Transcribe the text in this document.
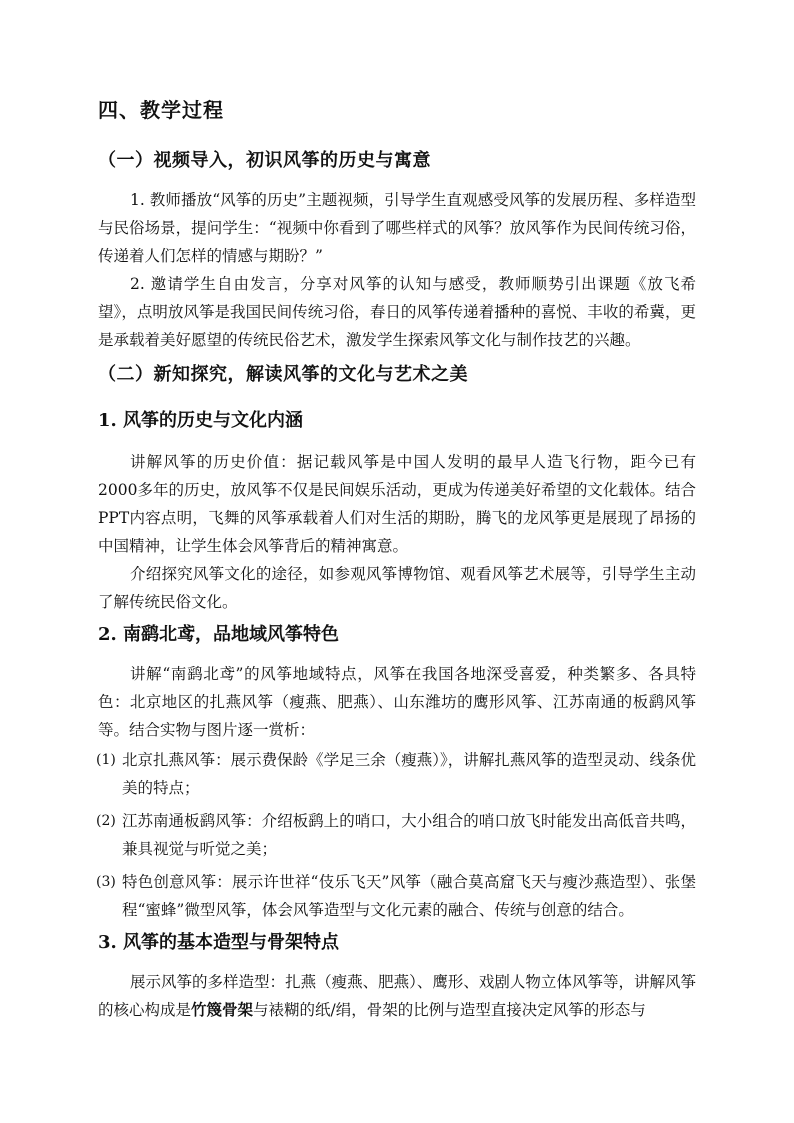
四、教学过程
（一）视频导入，初识风筝的历史与寓意
1. 教师播放“风筝的历史”主题视频，引导学生直观感受风筝的发展历程、多样造型与民俗场景，提问学生：“视频中你看到了哪些样式的风筝？放风筝作为民间传统习俗，传递着人们怎样的情感与期盼？”
2. 邀请学生自由发言，分享对风筝的认知与感受，教师顺势引出课题《放飞希望》，点明放风筝是我国民间传统习俗，春日的风筝传递着播种的喜悦、丰收的希冀，更是承载着美好愿望的传统民俗艺术，激发学生探索风筝文化与制作技艺的兴趣。
（二）新知探究，解读风筝的文化与艺术之美
1. 风筝的历史与文化内涵
讲解风筝的历史价值：据记载风筝是中国人发明的最早人造飞行物，距今已有2000多年的历史，放风筝不仅是民间娱乐活动，更成为传递美好希望的文化载体。结合PPT内容点明，飞舞的风筝承载着人们对生活的期盼，腾飞的龙风筝更是展现了昂扬的中国精神，让学生体会风筝背后的精神寓意。
介绍探究风筝文化的途径，如参观风筝博物馆、观看风筝艺术展等，引导学生主动了解传统民俗文化。
2. 南鹞北鸢，品地域风筝特色
讲解“南鹞北鸢”的风筝地域特点，风筝在我国各地深受喜爱，种类繁多、各具特色：北京地区的扎燕风筝（瘦燕、肥燕）、山东潍坊的鹰形风筝、江苏南通的板鹞风筝等。结合实物与图片逐一赏析：
(1) 北京扎燕风筝：展示费保龄《学足三余（瘦燕）》，讲解扎燕风筝的造型灵动、线条优美的特点；
(2) 江苏南通板鹞风筝：介绍板鹞上的哨口，大小组合的哨口放飞时能发出高低音共鸣，兼具视觉与听觉之美；
(3) 特色创意风筝：展示许世祥“伎乐飞天”风筝（融合莫高窟飞天与瘦沙燕造型）、张堡程“蜜蜂”微型风筝，体会风筝造型与文化元素的融合、传统与创意的结合。
3. 风筝的基本造型与骨架特点
展示风筝的多样造型：扎燕（瘦燕、肥燕）、鹰形、戏剧人物立体风筝等，讲解风筝的核心构成是竹篾骨架与裱糊的纸/绢，骨架的比例与造型直接决定风筝的形态与
